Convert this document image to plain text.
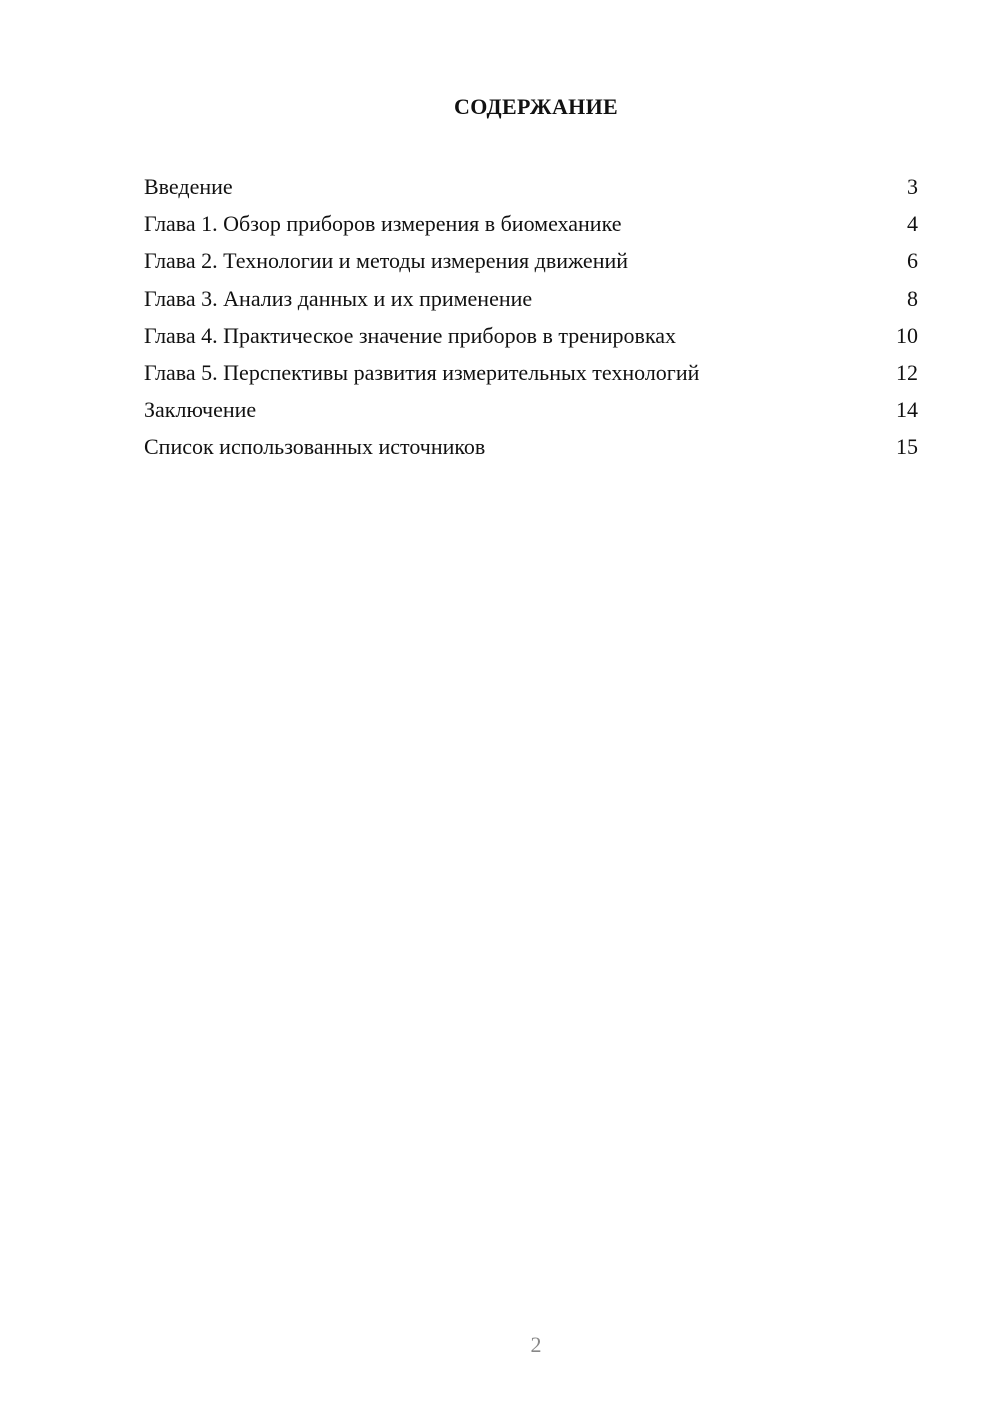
СОДЕРЖАНИЕ
Введение	3
Глава 1. Обзор приборов измерения в биомеханике	4
Глава 2. Технологии и методы измерения движений	6
Глава 3. Анализ данных и их применение	8
Глава 4. Практическое значение приборов в тренировках	10
Глава 5. Перспективы развития измерительных технологий	12
Заключение	14
Список использованных источников	15
2
